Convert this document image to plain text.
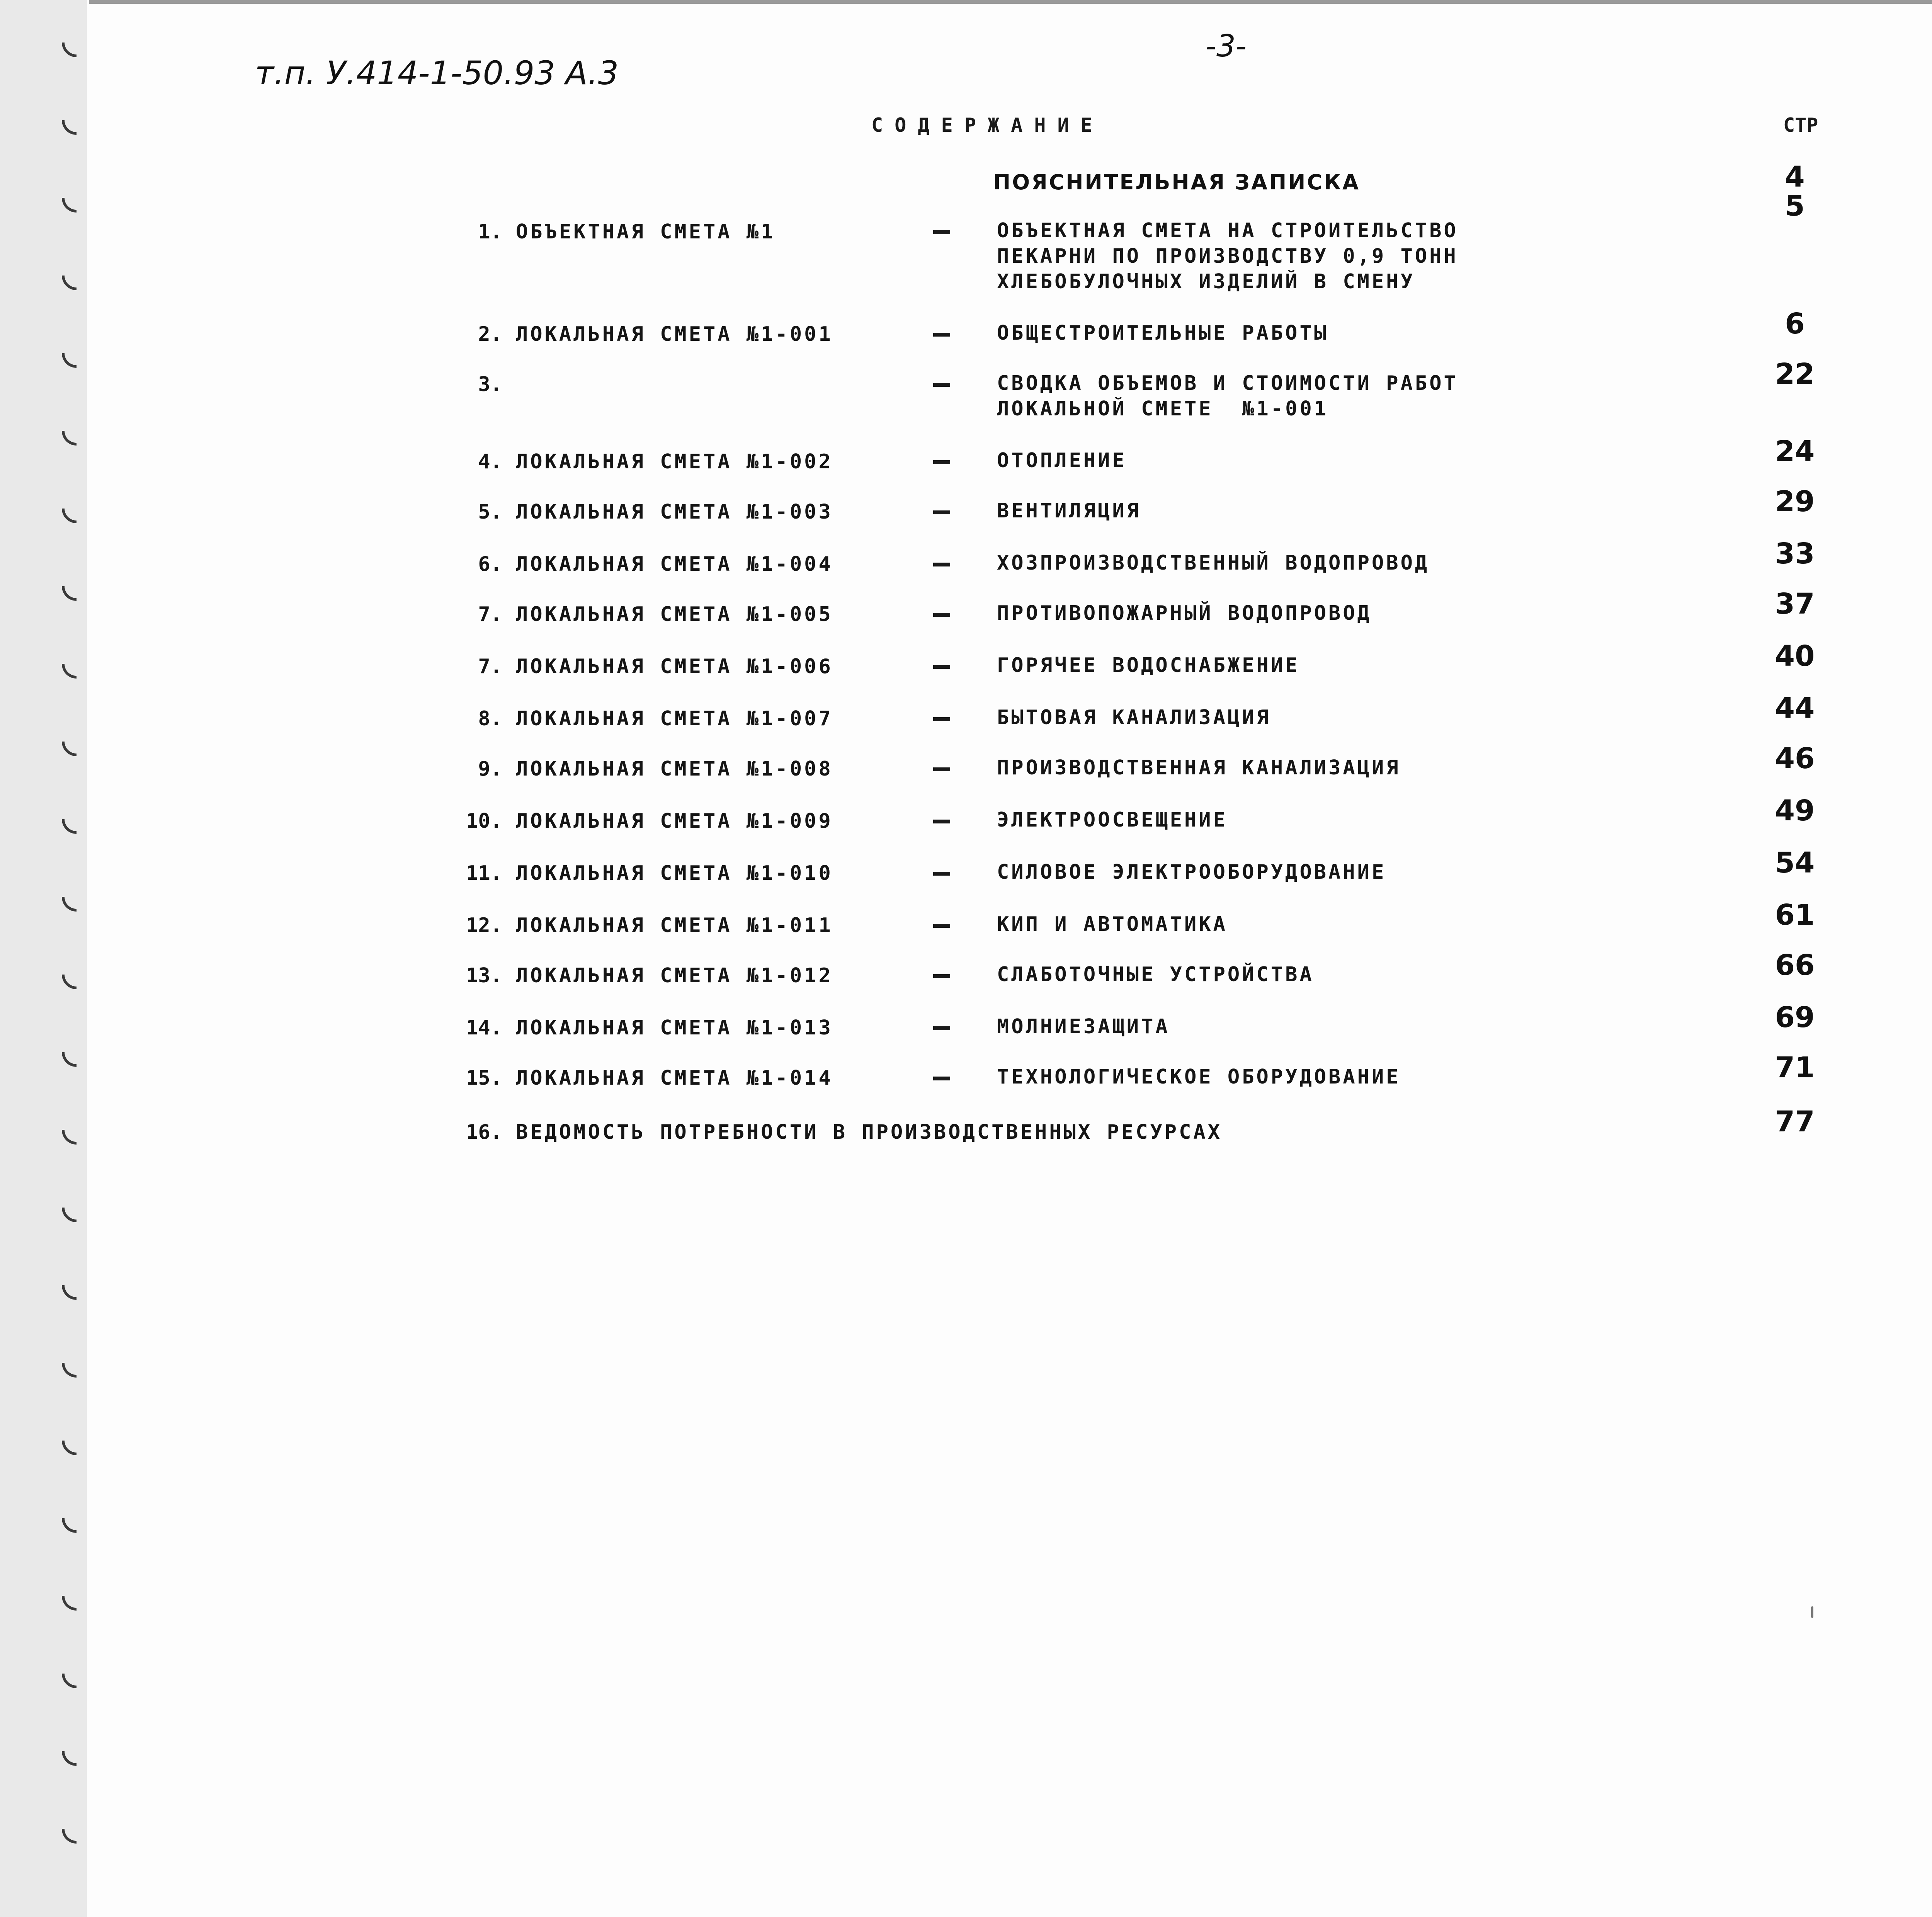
-3-
т.п. У.414-1-50.93 А.3
С О Д Е Р Ж А Н И Е	СТР
ПОЯСНИТЕЛЬНАЯ ЗАПИСКА	4
1. ОБЪЕКТНАЯ СМЕТА №1	ОБЪЕКТНАЯ СМЕТА НА СТРОИТЕЛЬСТВО
ПЕКАРНИ ПО ПРОИЗВОДСТВУ 0,9 ТОНН
ХЛЕБОБУЛОЧНЫХ ИЗДЕЛИЙ В СМЕНУ
5
2. ЛОКАЛЬНАЯ СМЕТА №1-001	ОБЩЕСТРОИТЕЛЬНЫЕ РАБОТЫ	6
3.	СВОДКА ОБЪЕМОВ И СТОИМОСТИ РАБОТ
ЛОКАЛЬНОЙ СМЕТЕ  №1-001
22
4. ЛОКАЛЬНАЯ СМЕТА №1-002	ОТОПЛЕНИЕ	24
5. ЛОКАЛЬНАЯ СМЕТА №1-003	ВЕНТИЛЯЦИЯ	29
6. ЛОКАЛЬНАЯ СМЕТА №1-004	ХОЗПРОИЗВОДСТВЕННЫЙ ВОДОПРОВОД	33
7. ЛОКАЛЬНАЯ СМЕТА №1-005	ПРОТИВОПОЖАРНЫЙ ВОДОПРОВОД	37
7. ЛОКАЛЬНАЯ СМЕТА №1-006	ГОРЯЧЕЕ ВОДОСНАБЖЕНИЕ	40
8. ЛОКАЛЬНАЯ СМЕТА №1-007	БЫТОВАЯ КАНАЛИЗАЦИЯ	44
9. ЛОКАЛЬНАЯ СМЕТА №1-008	ПРОИЗВОДСТВЕННАЯ КАНАЛИЗАЦИЯ	46
10. ЛОКАЛЬНАЯ СМЕТА №1-009	ЭЛЕКТРООСВЕЩЕНИЕ	49
11. ЛОКАЛЬНАЯ СМЕТА №1-010	СИЛОВОЕ ЭЛЕКТРООБОРУДОВАНИЕ	54
12. ЛОКАЛЬНАЯ СМЕТА №1-011	КИП И АВТОМАТИКА	61
13. ЛОКАЛЬНАЯ СМЕТА №1-012	СЛАБОТОЧНЫЕ УСТРОЙСТВА	66
14. ЛОКАЛЬНАЯ СМЕТА №1-013	МОЛНИЕЗАЩИТА	69
15. ЛОКАЛЬНАЯ СМЕТА №1-014	ТЕХНОЛОГИЧЕСКОЕ ОБОРУДОВАНИЕ	71
16. ВЕДОМОСТЬ ПОТРЕБНОСТИ В ПРОИЗВОДСТВЕННЫХ РЕСУРСАХ	77
